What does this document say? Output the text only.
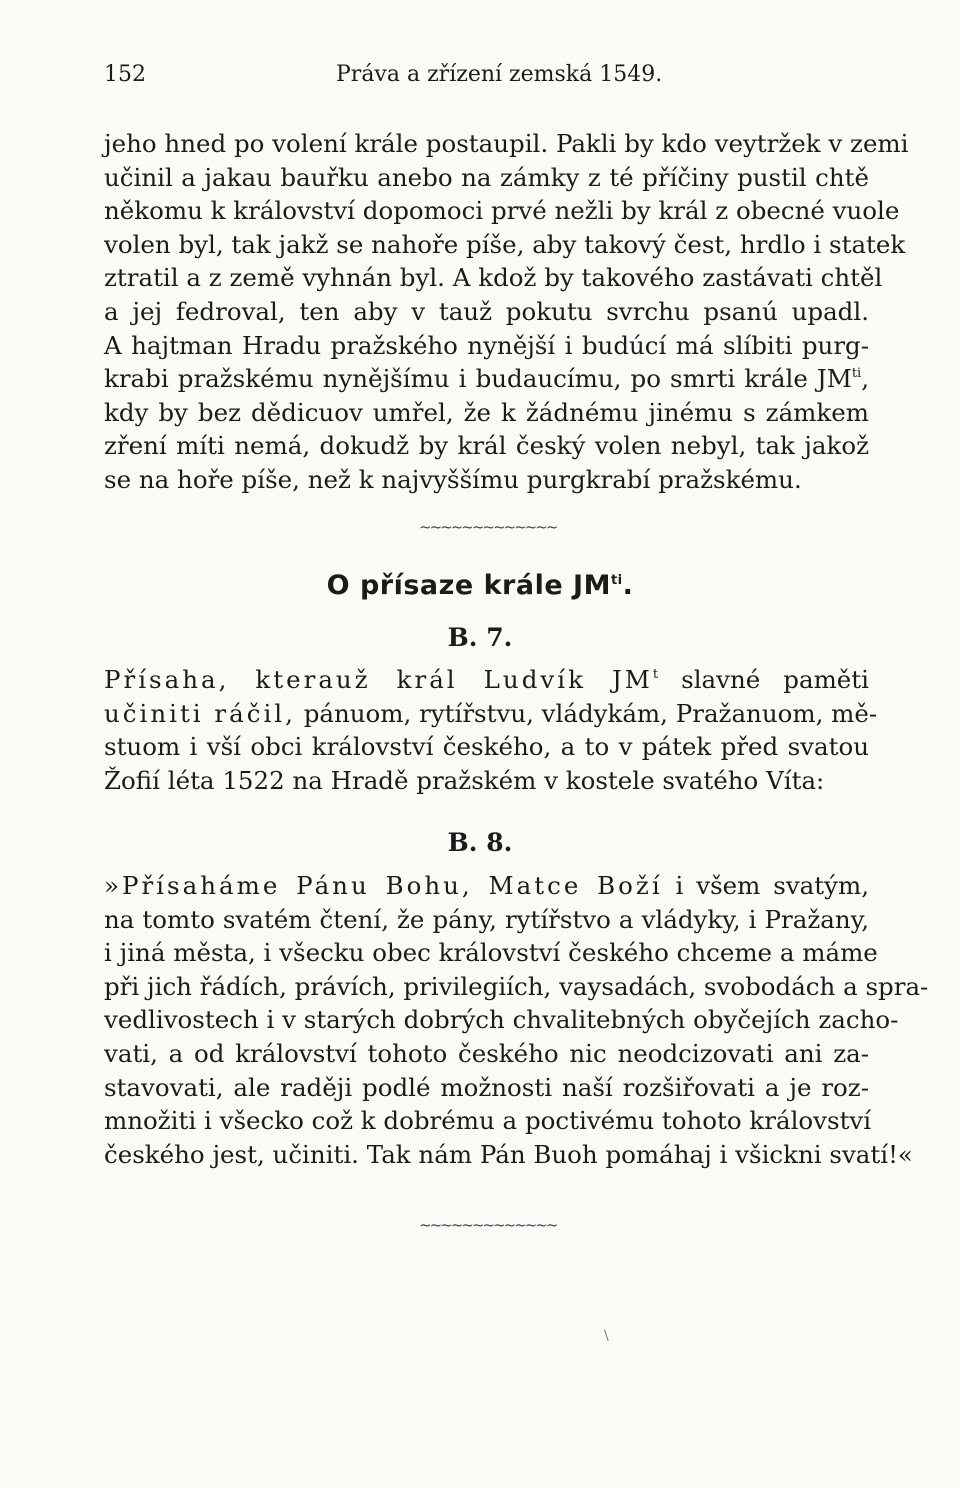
152	Práva a zřízení zemská 1549.
jeho hned po volení krále postaupil. Pakli by kdo veytržek v zemi
učinil a jakau bauřku anebo na zámky z té příčiny pustil chtě
někomu k království dopomoci prvé nežli by král z obecné vuole
volen byl, tak jakž se nahoře píše, aby takový čest, hrdlo i statek
ztratil a z země vyhnán byl. A kdož by takového zastávati chtěl
a jej fedroval, ten aby v tauž pokutu svrchu psanú upadl.
A hajtman Hradu pražského nynější i budúcí má slíbiti purg-
krabi pražskému nynějšímu i budaucímu, po smrti krále $JM^{ti}$,
kdy by bez dědicuov umřel, že k žádnému jinému s zámkem
zření míti nemá, dokudž by král český volen nebyl, tak jakož
se na hoře píše, než k najvyššímu purgkrabí pražskému.
~~~~~~~~~~~~~
O přísaze krále $JM^{ti}$.
B. 7.
Přísaha, kterauž král Ludvík $JM^t$ slavné paměti
učiniti ráčil, pánuom, rytířstvu, vládykám, Pražanuom, mě-
stuom i vší obci království českého, a to v pátek před svatou
Žofií léta 1522 na Hradě pražském v kostele svatého Víta:
B. 8.
»Přísaháme Pánu Bohu, Matce Boží i všem svatým,
na tomto svatém čtení, že pány, rytířstvo a vládyky, i Pražany,
i jiná města, i všecku obec království českého chceme a máme
při jich řádích, právích, privilegiích, vaysadách, svobodách a spra-
vedlivostech i v starých dobrých chvalitebných obyčejích zacho-
vati, a od království tohoto českého nic neodcizovati ani za-
stavovati, ale raději podlé možnosti naší rozšiřovati a je roz-
množiti i všecko což k dobrému a poctivému tohoto království
českého jest, učiniti. Tak nám Pán Buoh pomáhaj i všickni svatí!«
~~~~~~~~~~~~~
\
